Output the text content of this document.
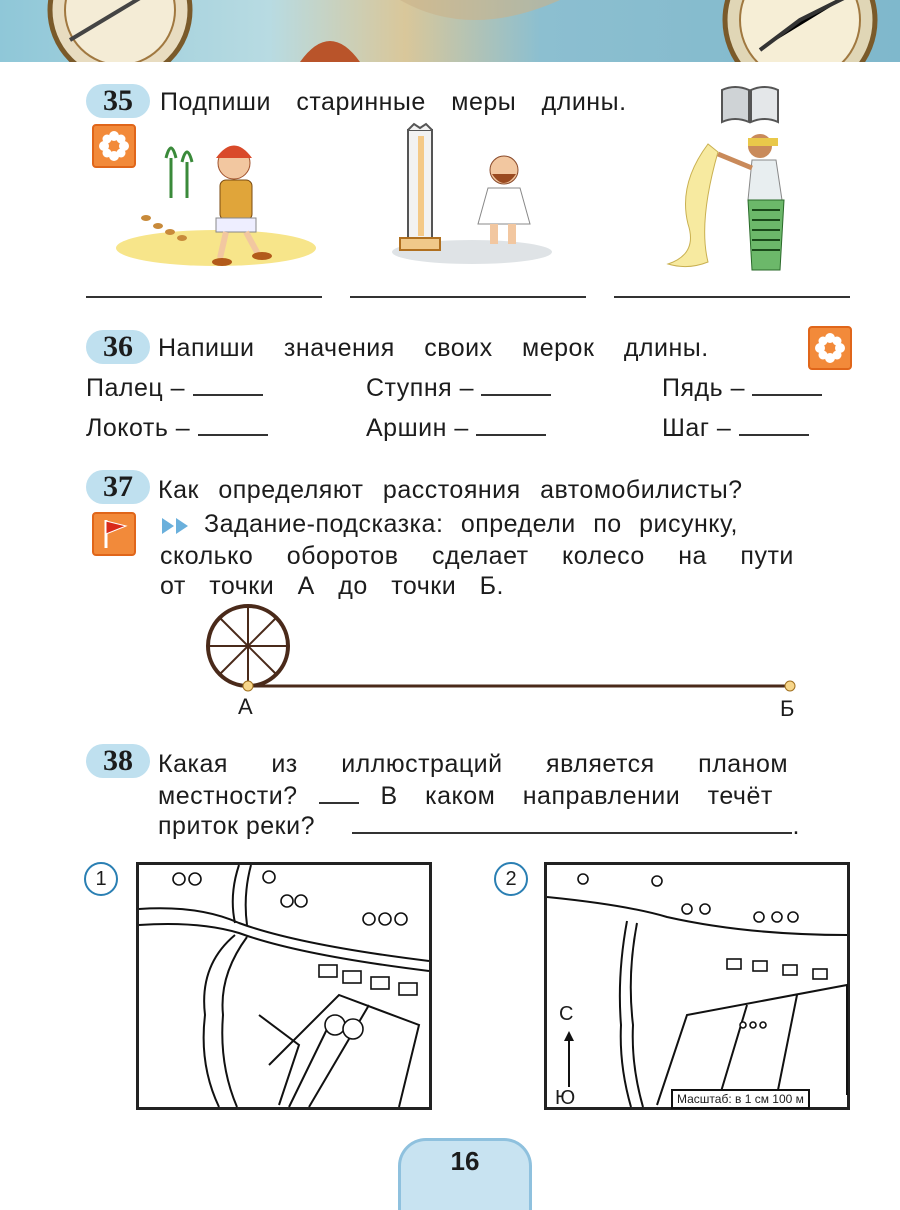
35	Подпиши старинные меры длины.
36	Напиши значения своих мерок длины.
Палец –	Ступня –	Пядь –
Локоть –	Аршин –	Шаг –
37	Как определяют расстояния автомобилисты?
Задание-подсказка: определи по рисунку,
сколько оборотов сделает колесо на пути
от точки А до точки Б.
А	Б
38	Какая из иллюстраций является планом
местности?	В каком направлении течёт
приток реки?	.
1	2
С
Ю	Масштаб: в 1 см 100 м
16
